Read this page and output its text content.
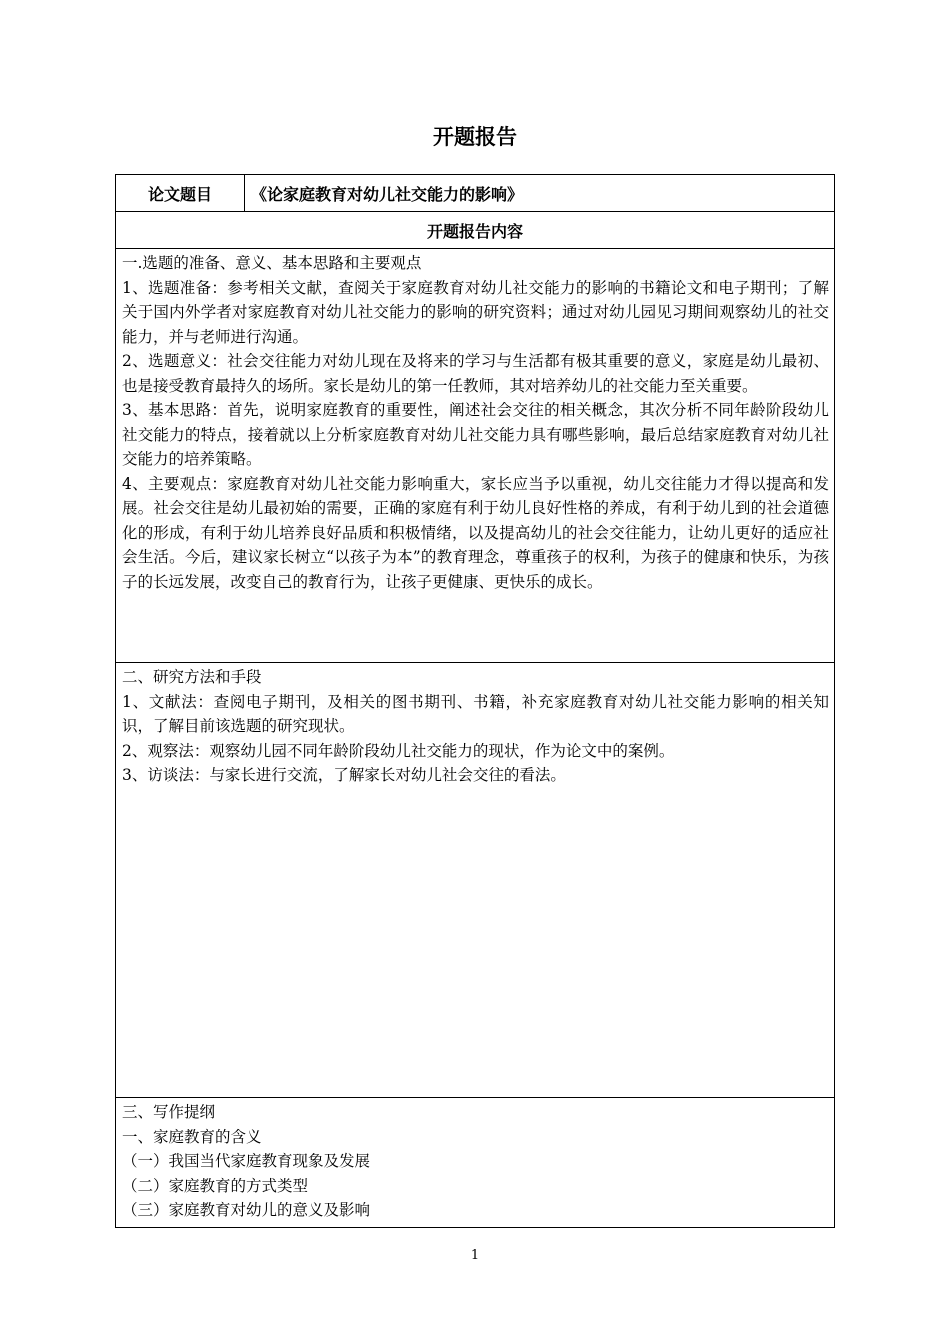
开题报告
论文题目	《论家庭教育对幼儿社交能力的影响》
开题报告内容

一.选题的准备、意义、基本思路和主要观点

1、选题准备：参考相关文献，查阅关于家庭教育对幼儿社交能力的影响的书籍论文和电子期刊；了解关于国内外学者对家庭教育对幼儿社交能力的影响的研究资料；通过对幼儿园见习期间观察幼儿的社交能力，并与老师进行沟通。

2、选题意义：社会交往能力对幼儿现在及将来的学习与生活都有极其重要的意义，家庭是幼儿最初、也是接受教育最持久的场所。家长是幼儿的第一任教师，其对培养幼儿的社交能力至关重要。

3、基本思路：首先，说明家庭教育的重要性，阐述社会交往的相关概念，其次分析不同年龄阶段幼儿社交能力的特点，接着就以上分析家庭教育对幼儿社交能力具有哪些影响，最后总结家庭教育对幼儿社交能力的培养策略。

4、主要观点：家庭教育对幼儿社交能力影响重大，家长应当予以重视，幼儿交往能力才得以提高和发展。社会交往是幼儿最初始的需要，正确的家庭有利于幼儿良好性格的养成，有利于幼儿到的社会道德化的形成，有利于幼儿培养良好品质和积极情绪，以及提高幼儿的社会交往能力，让幼儿更好的适应社会生活。今后，建议家长树立“以孩子为本”的教育理念，尊重孩子的权利，为孩子的健康和快乐，为孩子的长远发展，改变自己的教育行为，让孩子更健康、更快乐的成长。

二、研究方法和手段

1、文献法：查阅电子期刊，及相关的图书期刊、书籍，补充家庭教育对幼儿社交能力影响的相关知识，了解目前该选题的研究现状。

2、观察法：观察幼儿园不同年龄阶段幼儿社交能力的现状，作为论文中的案例。

3、访谈法：与家长进行交流，了解家长对幼儿社会交往的看法。

三、写作提纲

一、家庭教育的含义

（一）我国当代家庭教育现象及发展

（二）家庭教育的方式类型

（三）家庭教育对幼儿的意义及影响

1
